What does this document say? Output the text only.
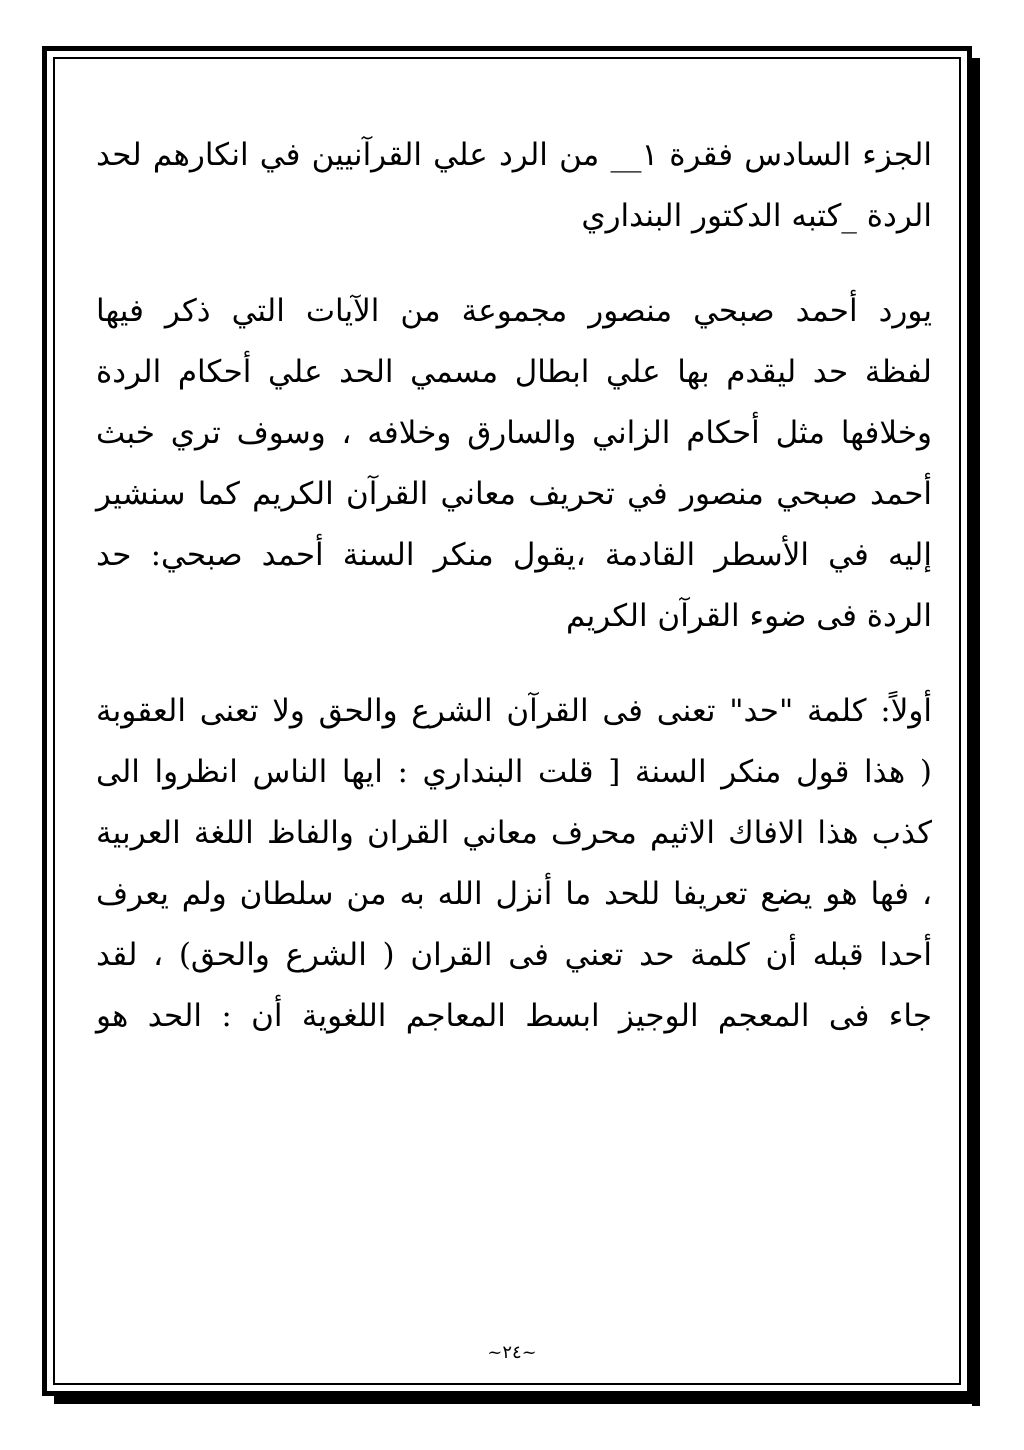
الجزء السادس فقرة ١__ من الرد علي القرآنيين في انكارهم لحد
الردة _كتبه الدكتور البنداري
يورد أحمد صبحي منصور مجموعة من الآيات التي ذكر فيها
لفظة حد ليقدم بها علي ابطال مسمي الحد علي أحكام الردة
وخلافها مثل أحكام الزاني والسارق وخلافه ، وسوف تري خبث
أحمد صبحي منصور في تحريف معاني القرآن الكريم كما سنشير
إليه في الأسطر القادمة ،يقول منكر السنة أحمد صبحي: حد
الردة فى ضوء القرآن الكريم
أولاً: كلمة "حد" تعنى فى القرآن الشرع والحق ولا تعنى العقوبة
( هذا قول منكر السنة [ قلت البنداري : ايها الناس انظروا الى
كذب هذا الافاك الاثيم محرف معاني القران والفاظ اللغة العربية
، فها هو يضع تعريفا للحد ما أنزل الله به من سلطان ولم يعرف
أحدا قبله أن كلمة حد تعني فى القران ( الشرع والحق) ، لقد
جاء فى المعجم الوجيز ابسط المعاجم اللغوية أن : الحد هو
~٢٤~
